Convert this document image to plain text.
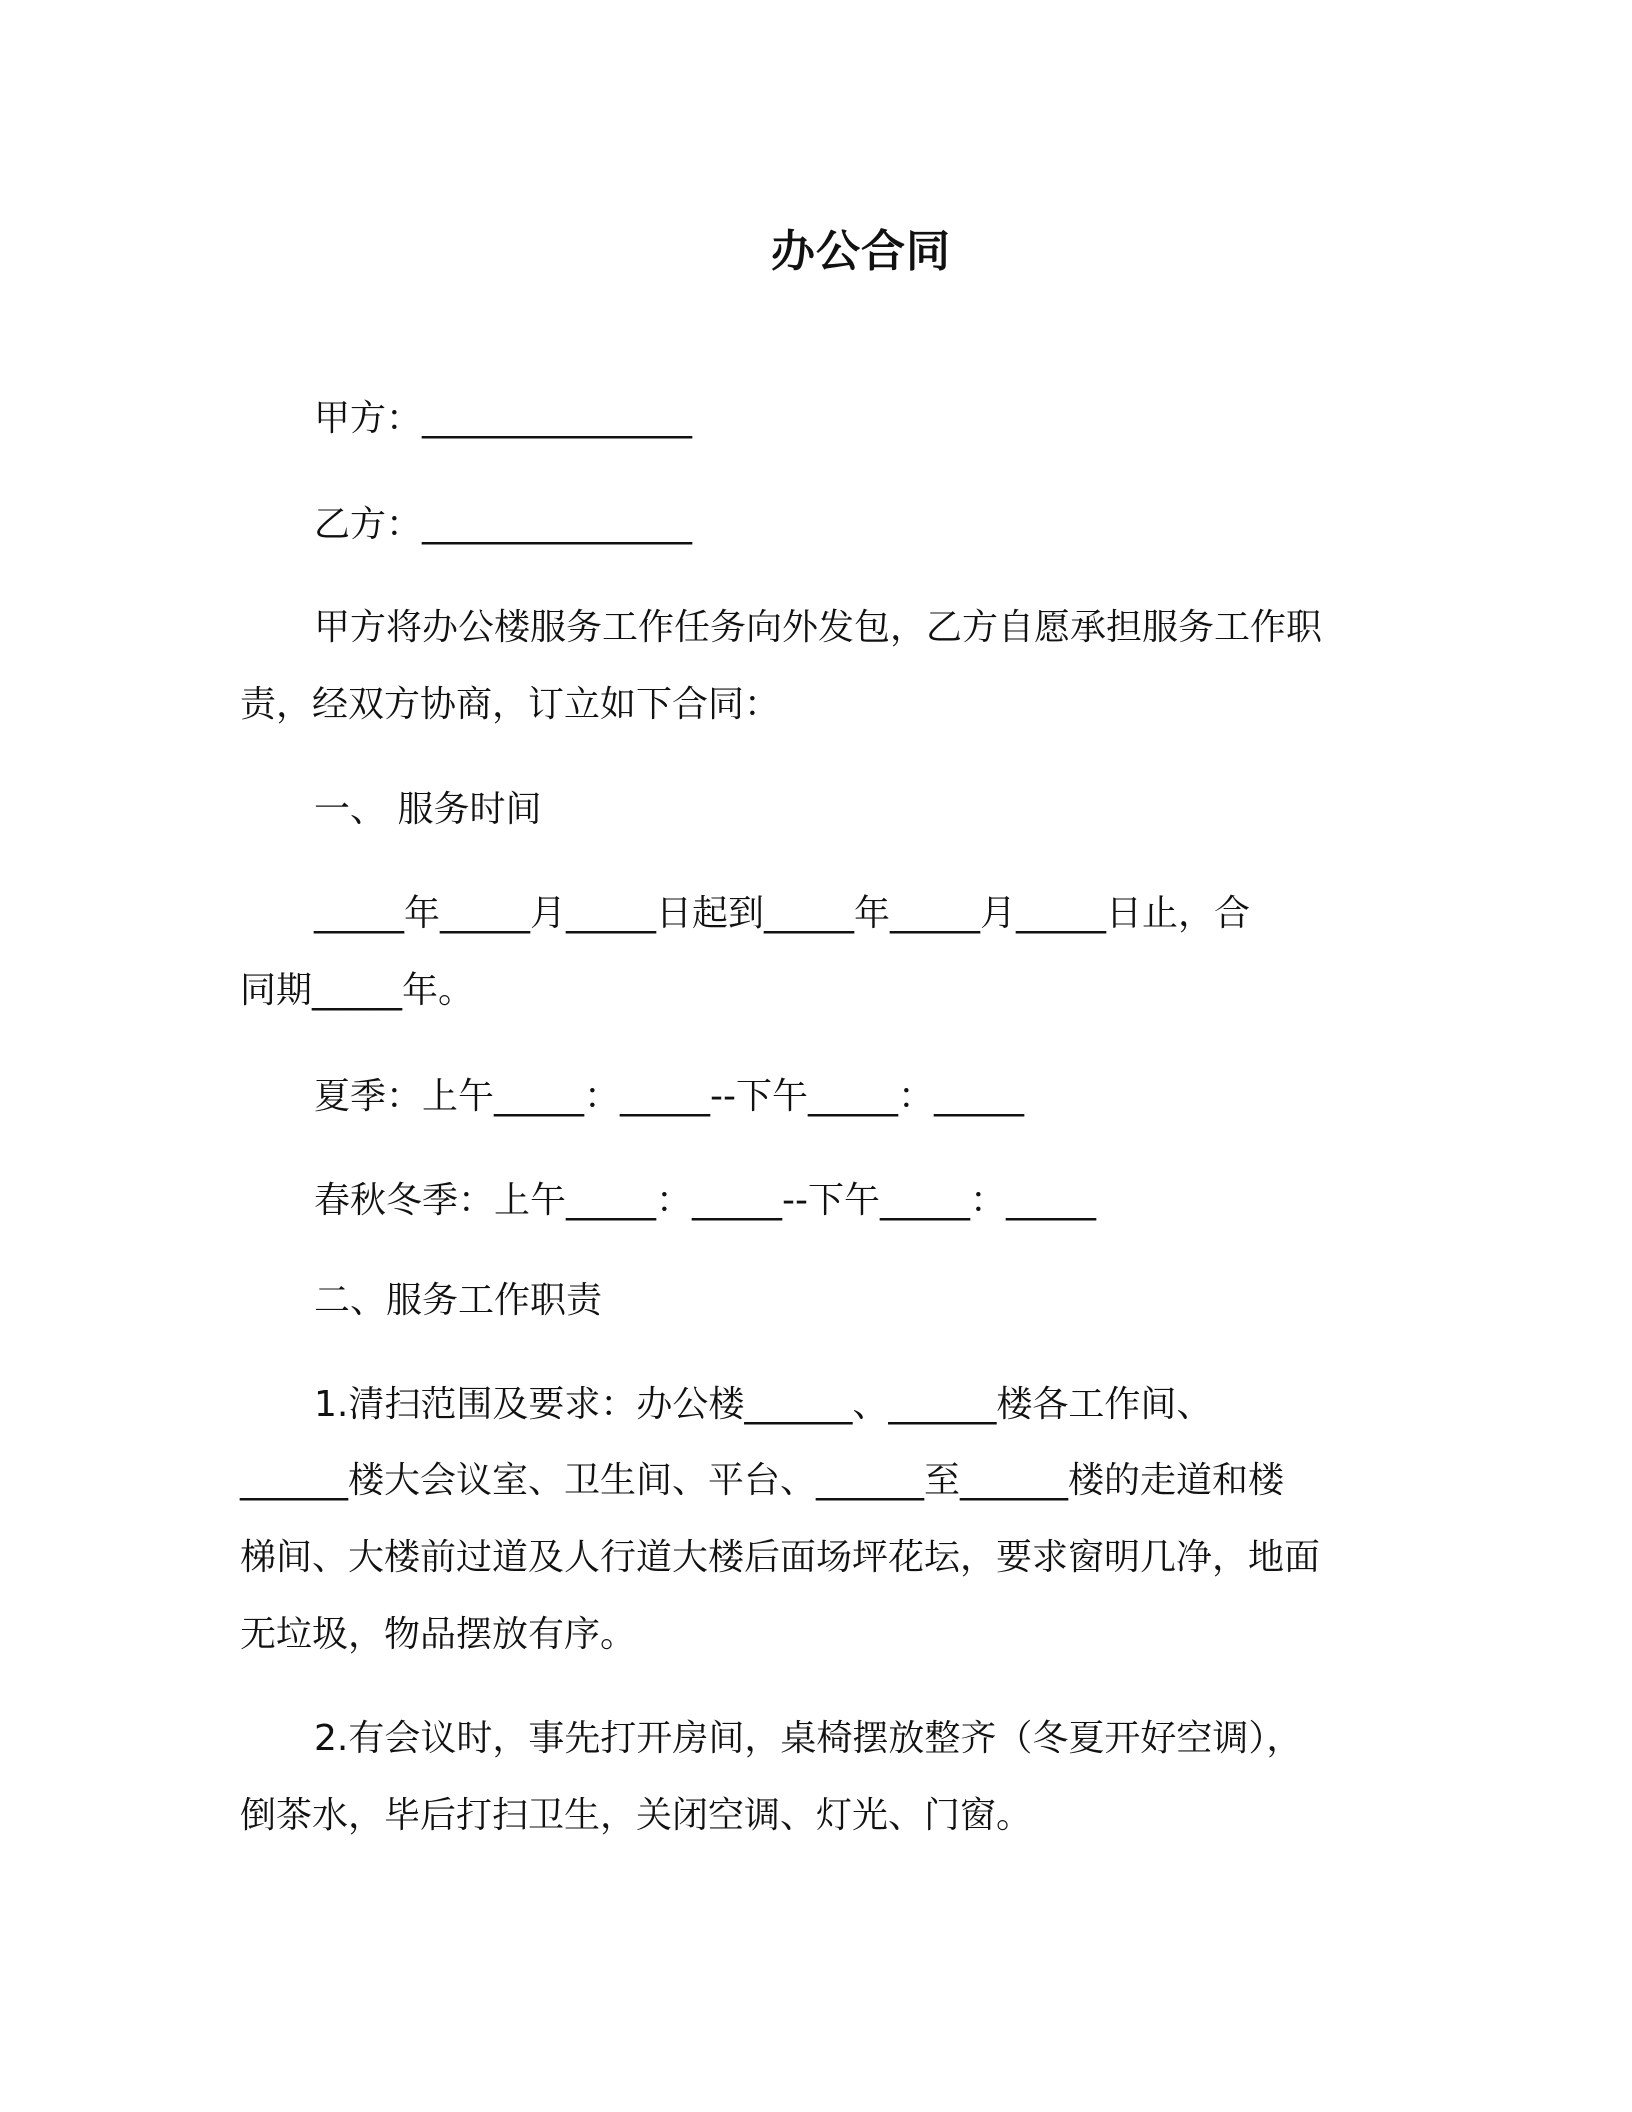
办公合同
甲方：_______________
乙方：_______________
甲方将办公楼服务工作任务向外发包，乙方自愿承担服务工作职
责，经双方协商，订立如下合同：
一、 服务时间
_____年_____月_____日起到_____年_____月_____日止，合
同期_____年。
夏季：上午_____：_____--下午_____：_____
春秋冬季：上午_____：_____--下午_____：_____
二、服务工作职责
1.清扫范围及要求：办公楼______、______楼各工作间、
______楼大会议室、卫生间、平台、______至______楼的走道和楼
梯间、大楼前过道及人行道大楼后面场坪花坛，要求窗明几净，地面
无垃圾，物品摆放有序。
2.有会议时，事先打开房间，桌椅摆放整齐（冬夏开好空调），
倒茶水，毕后打扫卫生，关闭空调、灯光、门窗。
